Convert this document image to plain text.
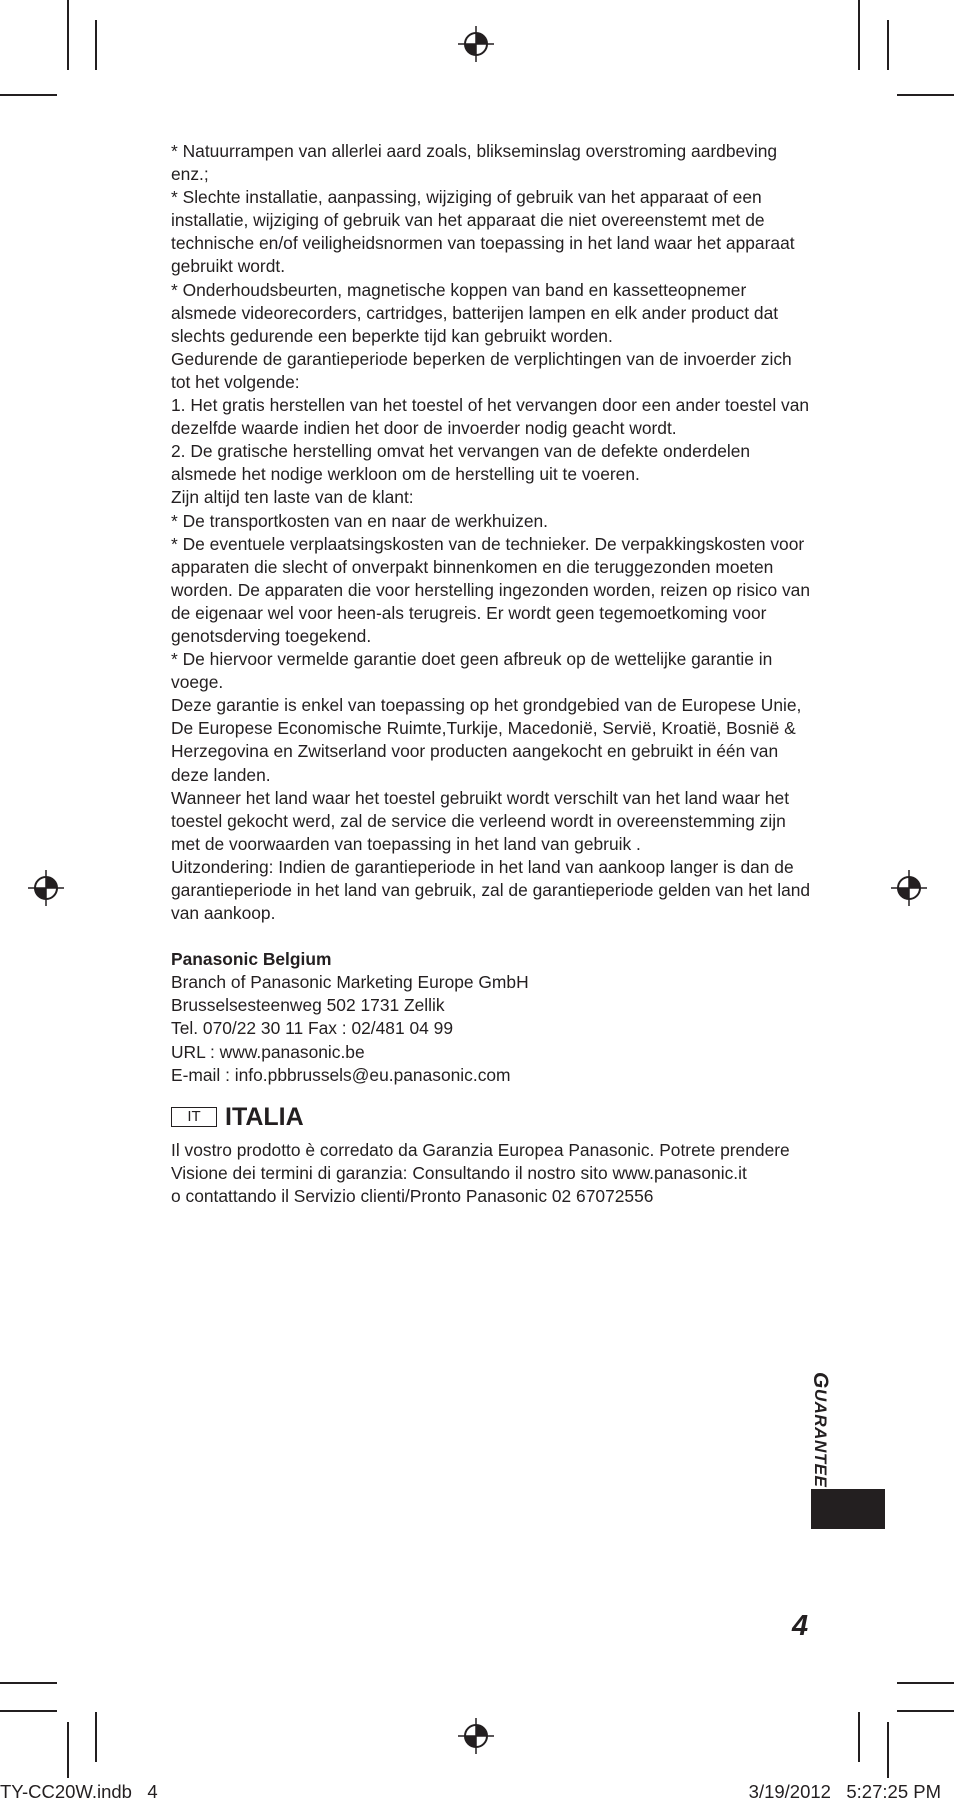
* Natuurrampen van allerlei aard zoals, blikseminslag overstroming aardbeving enz.;

* Slechte installatie, aanpassing, wijziging of gebruik van het apparaat of een installatie, wijziging of gebruik van het apparaat die niet overeenstemt met de technische en/of veiligheidsnormen van toepassing in het land waar het apparaat gebruikt wordt.

* Onderhoudsbeurten, magnetische koppen van band en kassetteopnemer alsmede videorecorders, cartridges, batterijen lampen en elk ander product dat slechts gedurende een beperkte tijd kan gebruikt worden.

Gedurende de garantieperiode beperken de verplichtingen van de invoerder zich tot het volgende:

1. Het gratis herstellen van het toestel of het vervangen door een ander toestel van dezelfde waarde indien het door de invoerder nodig geacht wordt.

2. De gratische herstelling omvat het vervangen van de defekte onderdelen alsmede het nodige werkloon om de herstelling uit te voeren.

Zijn altijd ten laste van de klant:

* De transportkosten van en naar de werkhuizen.

* De eventuele verplaatsingskosten van de technieker. De verpakkingskosten voor apparaten die slecht of onverpakt binnenkomen en die teruggezonden moeten worden. De apparaten die voor herstelling ingezonden worden, reizen op risico van de eigenaar wel voor heen-als terugreis. Er wordt geen tegemoetkoming voor genotsderving toegekend.

* De hiervoor vermelde garantie doet geen afbreuk op de wettelijke garantie in voege.

Deze garantie is enkel van toepassing op het grondgebied van de Europese Unie, De Europese Economische Ruimte,Turkije, Macedonië, Servië, Kroatië, Bosnië & Herzegovina en Zwitserland voor producten aangekocht en gebruikt in één van deze landen.

Wanneer het land waar het toestel gebruikt wordt verschilt van het land waar het toestel gekocht werd, zal de service die verleend wordt in overeenstemming zijn met de voorwaarden van toepassing in het land van gebruik .

Uitzondering: Indien de garantieperiode in het land van aankoop langer is dan de garantieperiode in het land van gebruik, zal de garantieperiode gelden van het land van aankoop.

Panasonic Belgium

Branch of Panasonic Marketing Europe GmbH

Brusselsesteenweg 502 1731 Zellik

Tel. 070/22 30 11 Fax : 02/481 04 99

URL : www.panasonic.be

E-mail : info.pbbrussels@eu.panasonic.com

IT ITALIA

Il vostro prodotto è corredato da Garanzia Europea Panasonic. Potrete prendere

Visione dei termini di garanzia: Consultando il nostro sito www.panasonic.it

o contattando il Servizio clienti/Pronto Panasonic 02 67072556

GUARANTEE
4
TY-CC20W.indb   4	3/19/2012   5:27:25 PM
